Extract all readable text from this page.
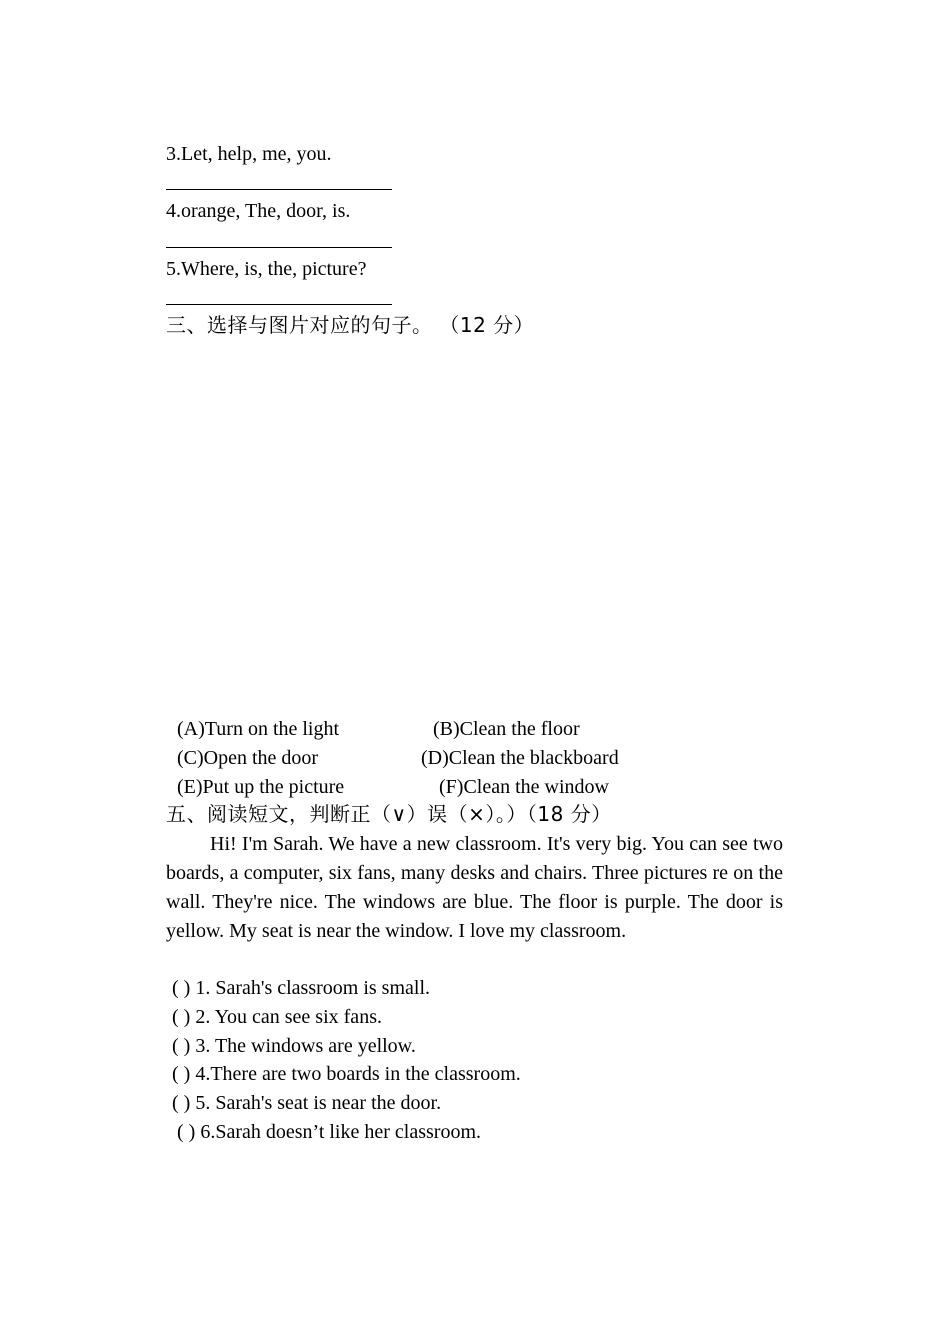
3.Let, help, me, you.
4.orange, The, door, is.
5.Where, is, the, picture?
三、选择与图片对应的句子。 （12 分）
(A)Turn on the light	(B)Clean the floor
(C)Open the door	(D)Clean the blackboard
(E)Put up the picture	(F)Clean the window
五、阅读短文，判断正（∨）误（×）。）（18 分）
Hi! I'm Sarah. We have a new classroom. It's very big. You can see two boards, a computer, six fans, many desks and chairs. Three pictures re on the wall. They're nice. The windows are blue. The floor is purple. The door is yellow. My seat is near the window. I love my classroom.
( ) 1. Sarah's classroom is small.
( ) 2. You can see six fans.
( ) 3. The windows are yellow.
( ) 4.There are two boards in the classroom.
( ) 5. Sarah's seat is near the door.
( ) 6.Sarah doesn’t like her classroom.
